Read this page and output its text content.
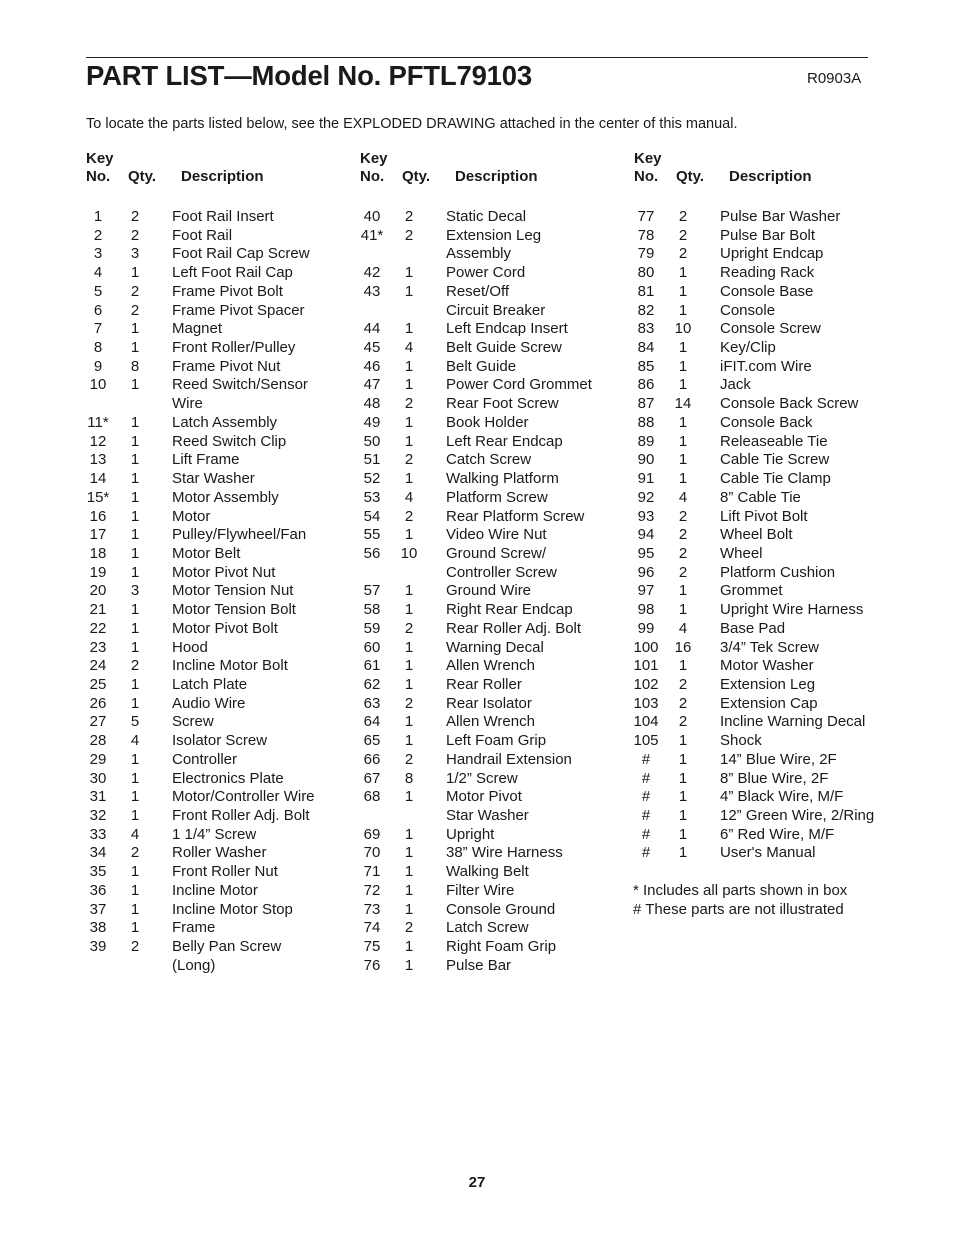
PART LIST—Model No. PFTL79103	R0903A
To locate the parts listed below, see the EXPLODED DRAWING attached in the center of this manual.
Key
No. Qty. Description
Key
No. Qty. Description
Key
No. Qty. Description
1	2	Foot Rail Insert
2	2	Foot Rail
3	3	Foot Rail Cap Screw
4	1	Left Foot Rail Cap
5	2	Frame Pivot Bolt
6	2	Frame Pivot Spacer
7	1	Magnet
8	1	Front Roller/Pulley
9	8	Frame Pivot Nut
10	1	Reed Switch/Sensor
Wire
11*	1	Latch Assembly
12	1	Reed Switch Clip
13	1	Lift Frame
14	1	Star Washer
15*	1	Motor Assembly
16	1	Motor
17	1	Pulley/Flywheel/Fan
18	1	Motor Belt
19	1	Motor Pivot Nut
20	3	Motor Tension Nut
21	1	Motor Tension Bolt
22	1	Motor Pivot Bolt
23	1	Hood
24	2	Incline Motor Bolt
25	1	Latch Plate
26	1	Audio Wire
27	5	Screw
28	4	Isolator Screw
29	1	Controller
30	1	Electronics Plate
31	1	Motor/Controller Wire
32	1	Front Roller Adj. Bolt
33	4	1 1/4” Screw
34	2	Roller Washer
35	1	Front Roller Nut
36	1	Incline Motor
37	1	Incline Motor Stop
38	1	Frame
39	2	Belly Pan Screw
(Long)
40	2	Static Decal
41*	2	Extension Leg
Assembly
42	1	Power Cord
43	1	Reset/Off
Circuit Breaker
44	1	Left Endcap Insert
45	4	Belt Guide Screw
46	1	Belt Guide
47	1	Power Cord Grommet
48	2	Rear Foot Screw
49	1	Book Holder
50	1	Left Rear Endcap
51	2	Catch Screw
52	1	Walking Platform
53	4	Platform Screw
54	2	Rear Platform Screw
55	1	Video Wire Nut
56	10	Ground Screw/
Controller Screw
57	1	Ground Wire
58	1	Right Rear Endcap
59	2	Rear Roller Adj. Bolt
60	1	Warning Decal
61	1	Allen Wrench
62	1	Rear Roller
63	2	Rear Isolator
64	1	Allen Wrench
65	1	Left Foam Grip
66	2	Handrail Extension
67	8	1/2” Screw
68	1	Motor Pivot
Star Washer
69	1	Upright
70	1	38” Wire Harness
71	1	Walking Belt
72	1	Filter Wire
73	1	Console Ground
74	2	Latch Screw
75	1	Right Foam Grip
76	1	Pulse Bar
77	2	Pulse Bar Washer
78	2	Pulse Bar Bolt
79	2	Upright Endcap
80	1	Reading Rack
81	1	Console Base
82	1	Console
83	10	Console Screw
84	1	Key/Clip
85	1	iFIT.com Wire
86	1	Jack
87	14	Console Back Screw
88	1	Console Back
89	1	Releaseable Tie
90	1	Cable Tie Screw
91	1	Cable Tie Clamp
92	4	8” Cable Tie
93	2	Lift Pivot Bolt
94	2	Wheel Bolt
95	2	Wheel
96	2	Platform Cushion
97	1	Grommet
98	1	Upright Wire Harness
99	4	Base Pad
100	16	3/4” Tek Screw
101	1	Motor Washer
102	2	Extension Leg
103	2	Extension Cap
104	2	Incline Warning Decal
105	1	Shock
#	1	14” Blue Wire, 2F
#	1	8” Blue Wire, 2F
#	1	4” Black Wire, M/F
#	1	12” Green Wire, 2/Ring
#	1	6” Red Wire, M/F
#	1	User's Manual
* Includes all parts shown in box
# These parts are not illustrated
27
